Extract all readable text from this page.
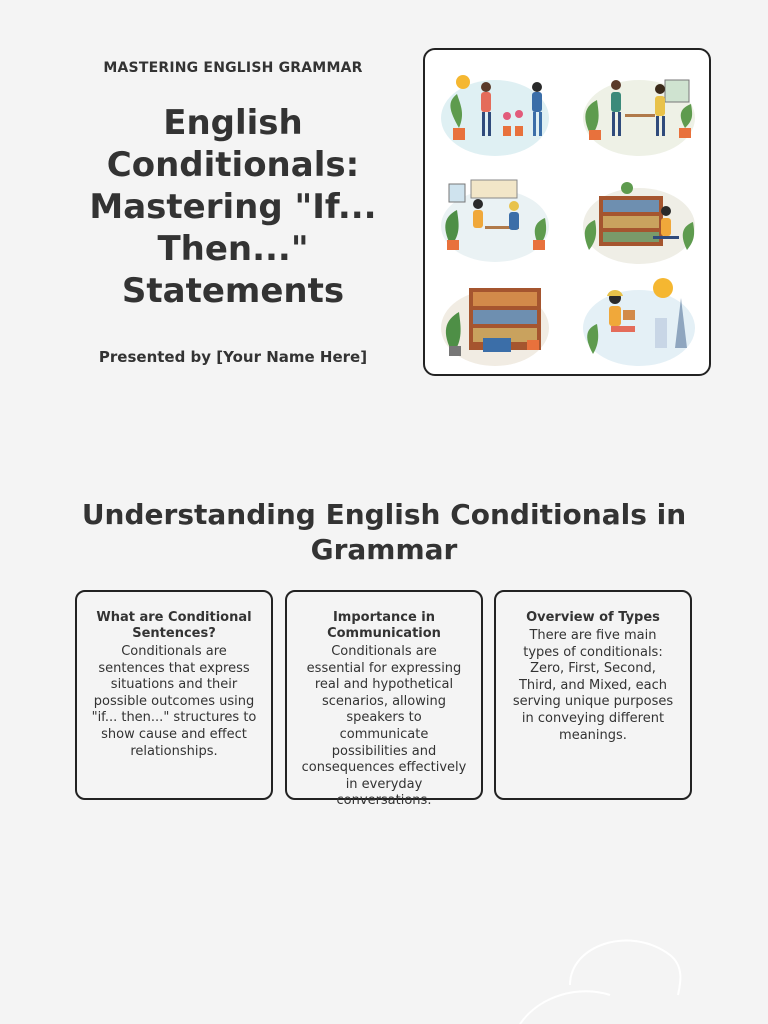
MASTERING ENGLISH GRAMMAR

English Conditionals: Mastering "If... Then..." Statements
Presented by [Your Name Here]
Understanding English Conditionals in Grammar
What are Conditional Sentences?

Conditionals are sentences that express situations and their possible outcomes using "if... then..." structures to show cause and effect relationships.

Importance in Communication

Conditionals are essential for expressing real and hypothetical scenarios, allowing speakers to communicate possibilities and consequences effectively in everyday conversations.

Overview of Types

There are five main types of conditionals: Zero, First, Second, Third, and Mixed, each serving unique purposes in conveying different meanings.
